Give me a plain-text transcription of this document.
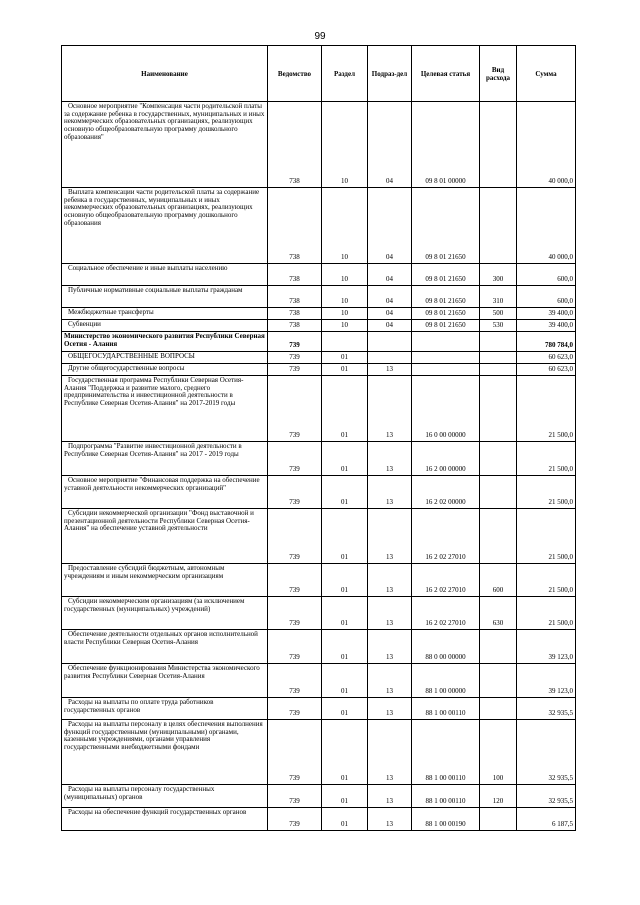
99
Наименование	Ведомство	Раздел	Подраз-дел	Целевая статья	Вид расхода	Сумма

Основное мероприятие "Компенсация части родительской платы за содержание ребенка в государственных, муниципальных и иных некоммерческих образовательных организациях, реализующих основную общеобразовательную программу дошкольного образования"	738	10	04	09 8 01 00000		40 000,0

Выплата компенсации части родительской платы за содержание ребенка в государственных, муниципальных и иных некоммерческих образовательных организациях, реализующих основную общеобразовательную программу дошкольного образования	738	10	04	09 8 01 21650		40 000,0

Социальное обеспечение и иные выплаты населению	738	10	04	09 8 01 21650	300	600,0

Публичные нормативные социальные выплаты гражданам	738	10	04	09 8 01 21650	310	600,0

Межбюджетные трансферты	738	10	04	09 8 01 21650	500	39 400,0

Субвенции	738	10	04	09 8 01 21650	530	39 400,0

Министерство экономического развития Республики Северная Осетия - Алания	739					780 784,0

ОБЩЕГОСУДАРСТВЕННЫЕ ВОПРОСЫ	739	01				60 623,0

Другие общегосударственные вопросы	739	01	13			60 623,0

Государственная программа Республики Северная Осетия-Алания "Поддержка и развитие малого, среднего предпринимательства и инвестиционной деятельности в Республике Северная Осетия-Алания" на 2017-2019 годы	739	01	13	16 0 00 00000		21 500,0

Подпрограмма "Развитие инвестиционной деятельности в Республике Северная Осетия-Алания" на 2017 - 2019 годы	739	01	13	16 2 00 00000		21 500,0

Основное мероприятие "Финансовая поддержка на обеспечение уставной деятельности некоммерческих организаций"	739	01	13	16 2 02 00000		21 500,0

Субсидии некоммерческой организации "Фонд выставочной и презентационной деятельности Республики Северная Осетия-Алания" на обеспечение уставной деятельности	739	01	13	16 2 02 27010		21 500,0

Предоставление субсидий бюджетным, автономным учреждениям и иным некоммерческим организациям	739	01	13	16 2 02 27010	600	21 500,0

Субсидии некоммерческим организациям (за исключением государственных (муниципальных) учреждений)	739	01	13	16 2 02 27010	630	21 500,0

Обеспечение деятельности отдельных органов исполнительной власти Республики Северная Осетия-Алания	739	01	13	88 0 00 00000		39 123,0

Обеспечение функционирования Министерства экономического развития Республики Северная Осетия-Алания	739	01	13	88 1 00 00000		39 123,0

Расходы на выплаты по оплате труда работников государственных органов	739	01	13	88 1 00 00110		32 935,5

Расходы на выплаты персоналу в целях обеспечения выполнения функций государственными (муниципальными) органами, казенными учреждениями, органами управления государственными внебюджетными фондами	739	01	13	88 1 00 00110	100	32 935,5

Расходы на выплаты персоналу государственных (муниципальных) органов	739	01	13	88 1 00 00110	120	32 935,5

Расходы на обеспечение функций государственных органов	739	01	13	88 1 00 00190		6 187,5
